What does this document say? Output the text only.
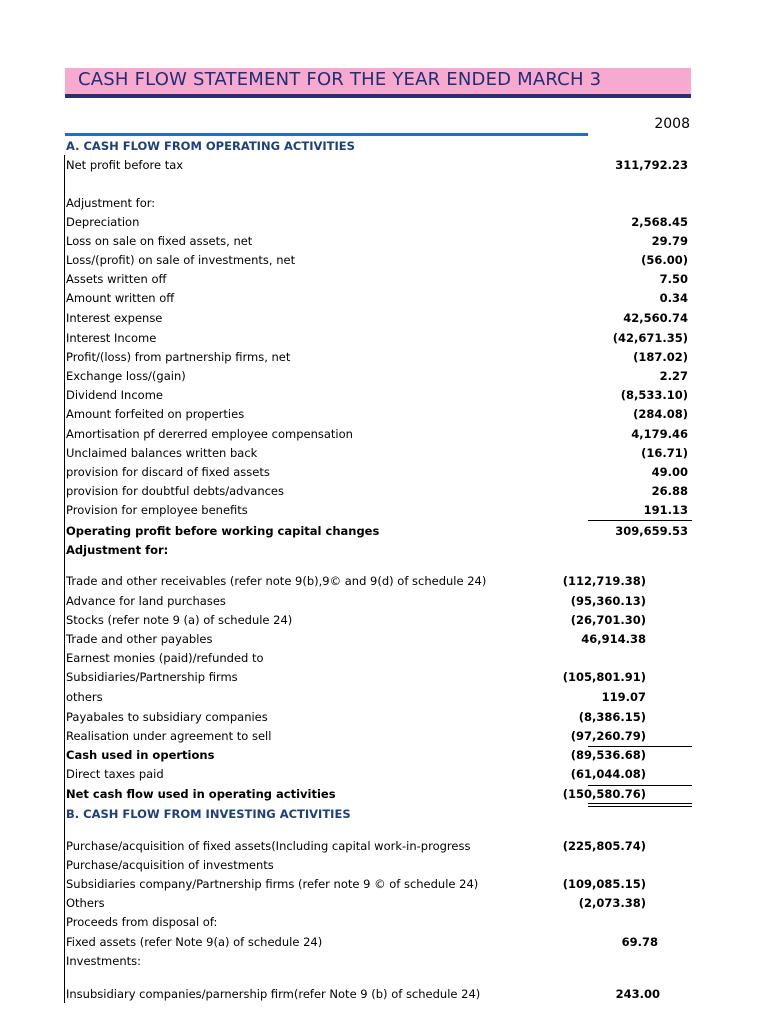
CASH FLOW STATEMENT FOR THE YEAR ENDED MARCH 3
2008
A. CASH FLOW FROM OPERATING ACTIVITIES
Net profit before tax	311,792.23
Adjustment for:
Depreciation	2,568.45
Loss on sale on fixed assets, net	29.79
Loss/(profit) on sale of investments, net	(56.00)
Assets written off	7.50
Amount written off	0.34
Interest expense	42,560.74
Interest Income	(42,671.35)
Profit/(loss) from partnership firms, net	(187.02)
Exchange loss/(gain)	2.27
Dividend Income	(8,533.10)
Amount forfeited on properties	(284.08)
Amortisation pf dererred employee compensation	4,179.46
Unclaimed balances written back	(16.71)
provision for discard of fixed assets	49.00
provision for doubtful debts/advances	26.88
Provision for employee benefits	191.13
Operating profit before working capital changes	309,659.53
Adjustment for:
Trade and other receivables (refer note 9(b),9© and 9(d) of schedule 24)	(112,719.38)
Advance for land purchases	(95,360.13)
Stocks (refer note 9 (a) of schedule 24)	(26,701.30)
Trade and other payables	46,914.38
Earnest monies (paid)/refunded to
Subsidiaries/Partnership firms	(105,801.91)
others	119.07
Payabales to subsidiary companies	(8,386.15)
Realisation under agreement to sell	(97,260.79)
Cash used in opertions	(89,536.68)
Direct taxes paid	(61,044.08)
Net cash flow used in operating activities	(150,580.76)
B. CASH FLOW FROM INVESTING ACTIVITIES
Purchase/acquisition of fixed assets(Including capital work-in-progress	(225,805.74)
Purchase/acquisition of investments
Subsidiaries company/Partnership firms (refer note 9 © of schedule 24)	(109,085.15)
Others	(2,073.38)
Proceeds from disposal of:
Fixed assets (refer Note 9(a) of schedule 24)	69.78
Investments:
Insubsidiary companies/parnership firm(refer Note 9 (b) of schedule 24)	243.00
